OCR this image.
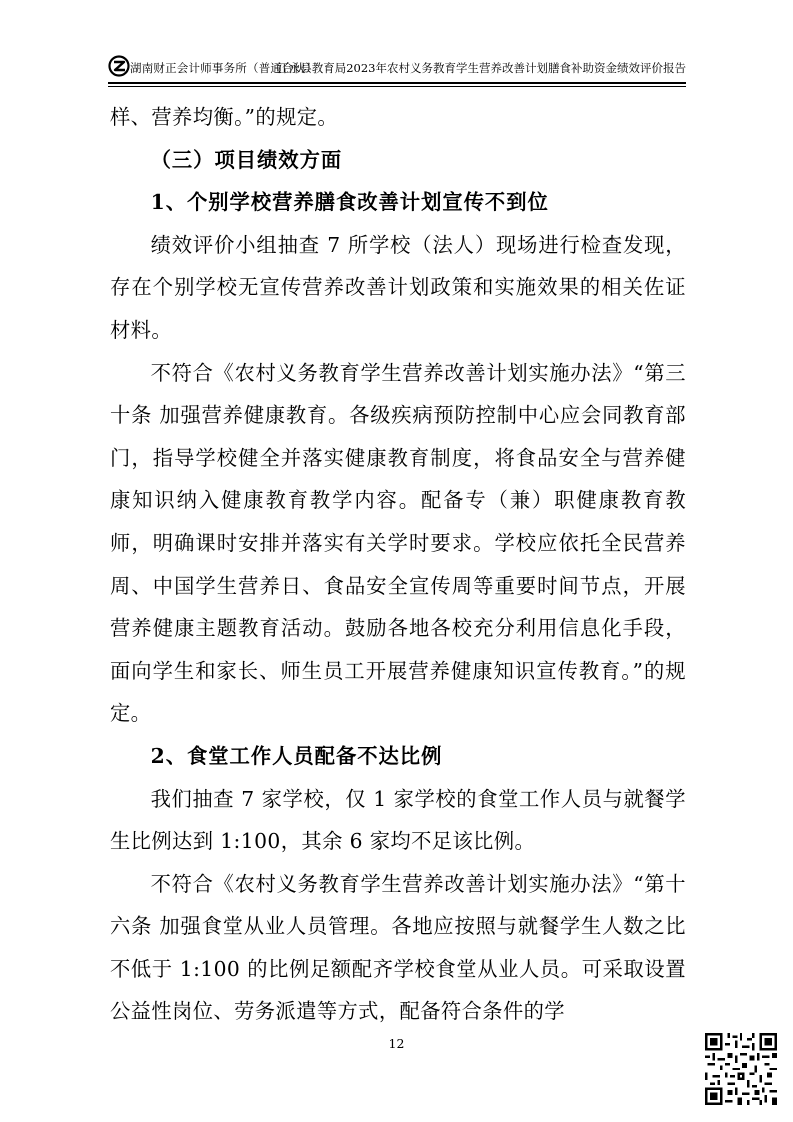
湖南财正会计师事务所（普通合伙）
江永县教育局2023年农村义务教育学生营养改善计划膳食补助资金绩效评价报告

样、营养均衡。”的规定。

（三）项目绩效方面

1、个别学校营养膳食改善计划宣传不到位

绩效评价小组抽查 7 所学校（法人）现场进行检查发现，存在个别学校无宣传营养改善计划政策和实施效果的相关佐证材料。

不符合《农村义务教育学生营养改善计划实施办法》“第三十条 加强营养健康教育。各级疾病预防控制中心应会同教育部门，指导学校健全并落实健康教育制度，将食品安全与营养健康知识纳入健康教育教学内容。配备专（兼）职健康教育教师，明确课时安排并落实有关学时要求。学校应依托全民营养周、中国学生营养日、食品安全宣传周等重要时间节点，开展营养健康主题教育活动。鼓励各地各校充分利用信息化手段，面向学生和家长、师生员工开展营养健康知识宣传教育。”的规定。

2、食堂工作人员配备不达比例

我们抽查 7 家学校，仅 1 家学校的食堂工作人员与就餐学生比例达到 1:100，其余 6 家均不足该比例。

不符合《农村义务教育学生营养改善计划实施办法》“第十六条 加强食堂从业人员管理。各地应按照与就餐学生人数之比不低于 1:100 的比例足额配齐学校食堂从业人员。可采取设置公益性岗位、劳务派遣等方式，配备符合条件的学

12
